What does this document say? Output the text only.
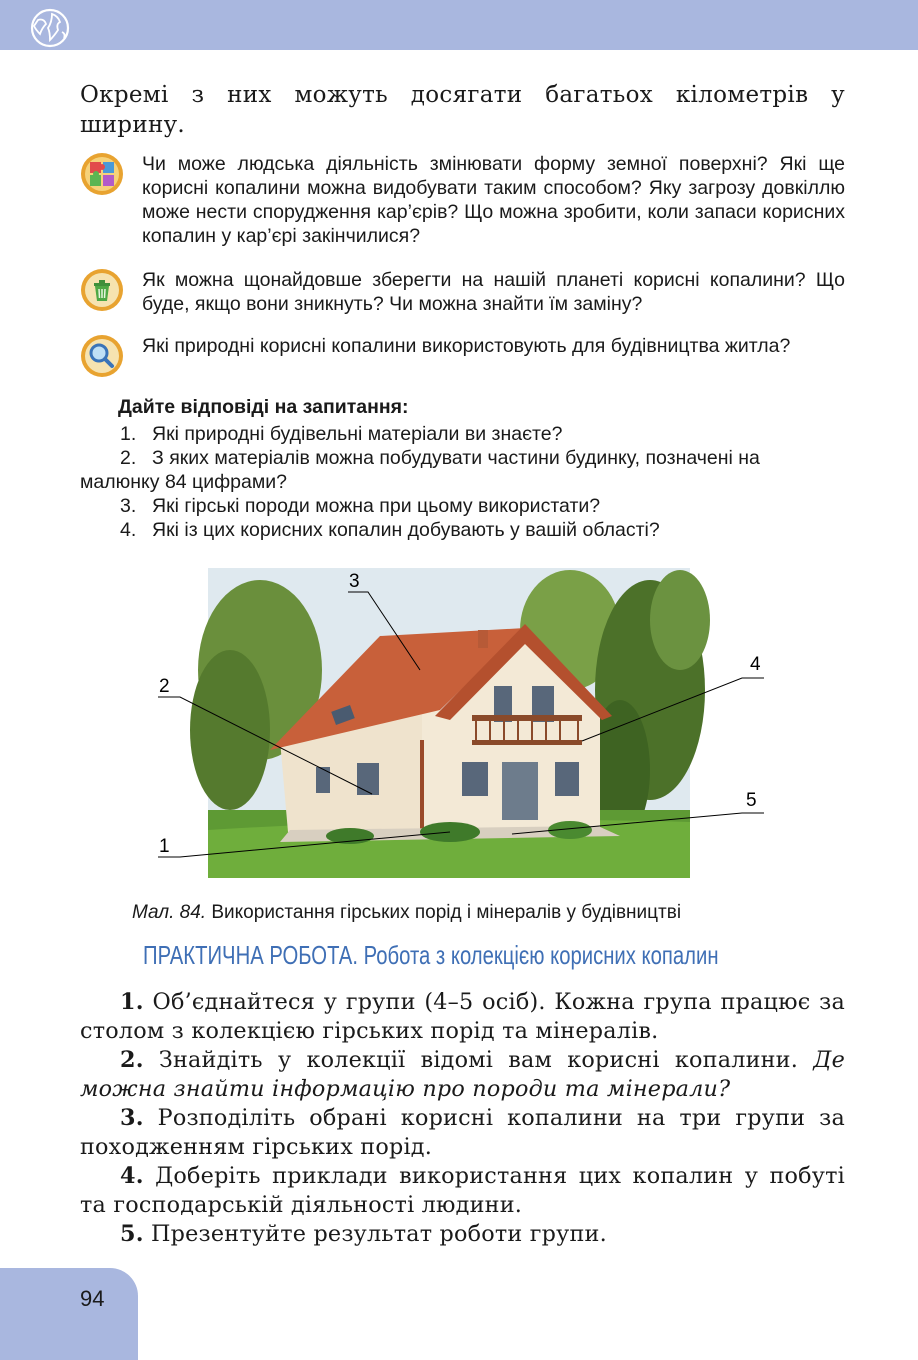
Окремі з них можуть досягати багатьох кілометрів у ширину.
Чи може людська діяльність змінювати форму земної поверхні? Які ще корисні копалини можна видобувати таким способом? Яку загрозу довкіллю може нести спорудження кар’єрів? Що можна зробити, коли запаси корисних копалин у кар’єрі закінчилися?
Як можна щонайдовше зберегти на нашій планеті корисні копалини? Що буде, якщо вони зникнуть? Чи можна знайти їм заміну?
Які природні корисні копалини використовують для будівництва житла?
Дайте відповіді на запитання:
1. Які природні будівельні матеріали ви знаєте?
2. З яких матеріалів можна побудувати частини будинку, позначені на
малюнку 84 цифрами?
3. Які гірські породи можна при цьому використати?
4. Які із цих корисних копалин добувають у вашій області?
3
1
2
4
5
Мал. 84. Використання гірських порід і мінералів у будівництві
ПРАКТИЧНА РОБОТА. Робота з колекцією корисних копалин

1. Об’єднайтеся у групи (4–5 осіб). Кожна група працює за столом з колекцією гірських порід та мінералів.

2. Знайдіть у колекції відомі вам корисні копалини. Де можна знайти інформацію про породи та мінерали?

3. Розподіліть обрані корисні копалини на три групи за походженням гірських порід.

4. Доберіть приклади використання цих копалин у побуті та господарській діяльності людини.

5. Презентуйте результат роботи групи.

94
